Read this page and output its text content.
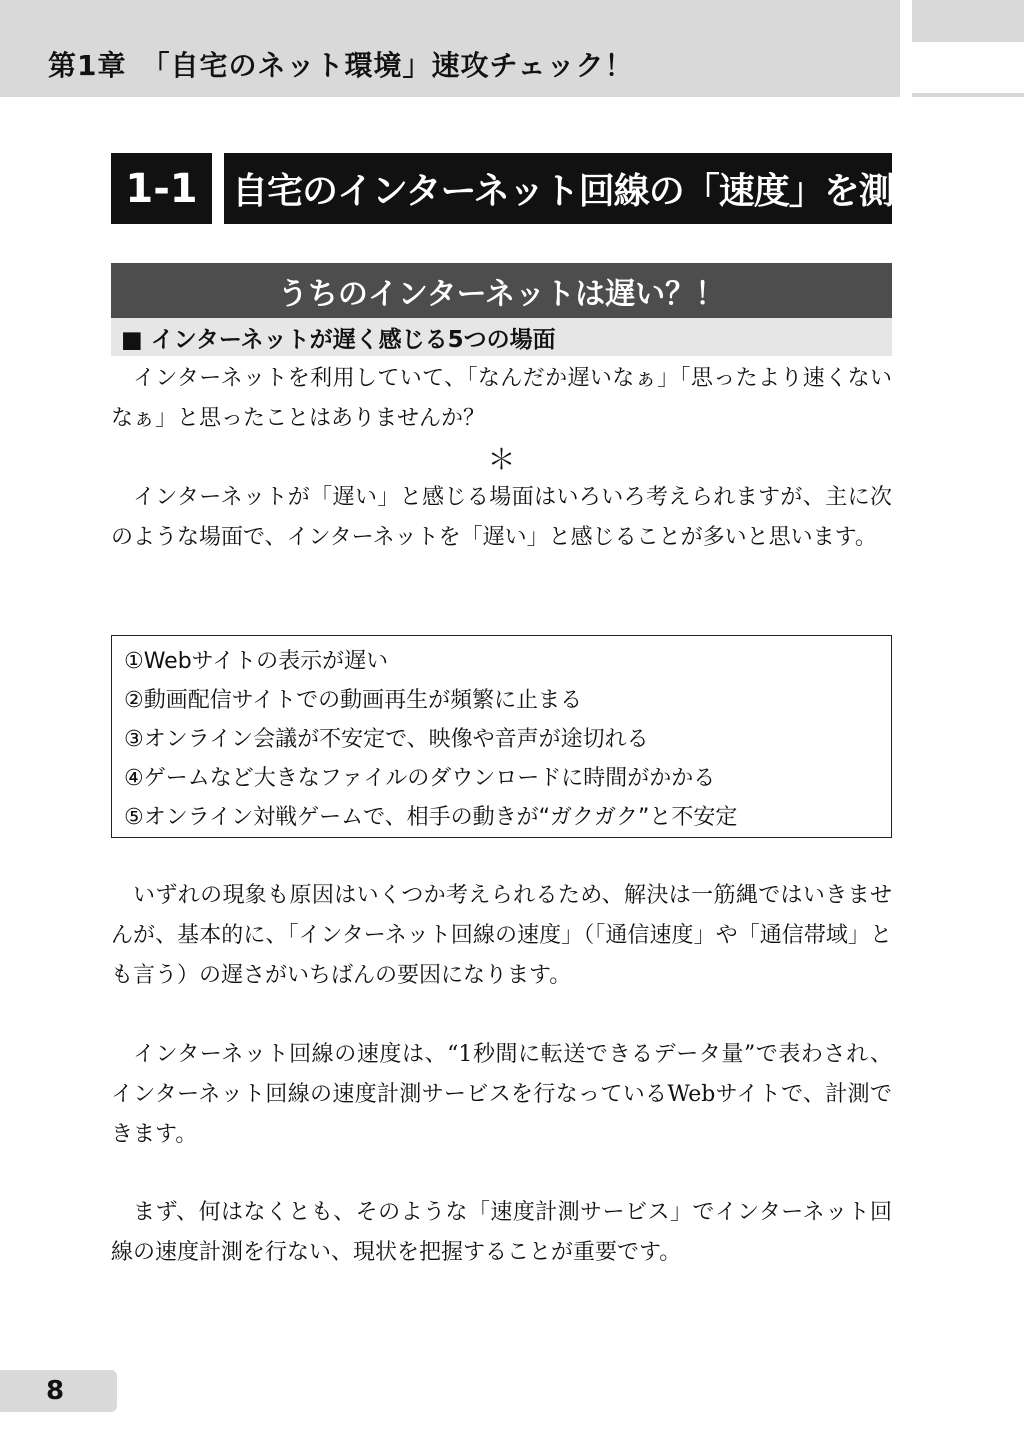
第1章　「自宅のネット環境」速攻チェック！
1-1 自宅のインターネット回線の「速度」を測る
うちのインターネットは遅い？！
■ インターネットが遅く感じる5つの場面

インターネットを利用していて、「なんだか遅いなぁ」「思ったより速くないなぁ」と思ったことはありませんか？

＊

インターネットが「遅い」と感じる場面はいろいろ考えられますが、主に次のような場面で、インターネットを「遅い」と感じることが多いと思います。

①Webサイトの表示が遅い
②動画配信サイトでの動画再生が頻繁に止まる
③オンライン会議が不安定で、映像や音声が途切れる
④ゲームなど大きなファイルのダウンロードに時間がかかる
⑤オンライン対戦ゲームで、相手の動きが“ガクガク”と不安定

いずれの現象も原因はいくつか考えられるため、解決は一筋縄ではいきませんが、基本的に、「インターネット回線の速度」（「通信速度」や「通信帯域」とも言う）の遅さがいちばんの要因になります。

インターネット回線の速度は、“1秒間に転送できるデータ量”で表わされ、インターネット回線の速度計測サービスを行なっているWebサイトで、計測できます。

まず、何はなくとも、そのような「速度計測サービス」でインターネット回線の速度計測を行ない、現状を把握することが重要です。

8
